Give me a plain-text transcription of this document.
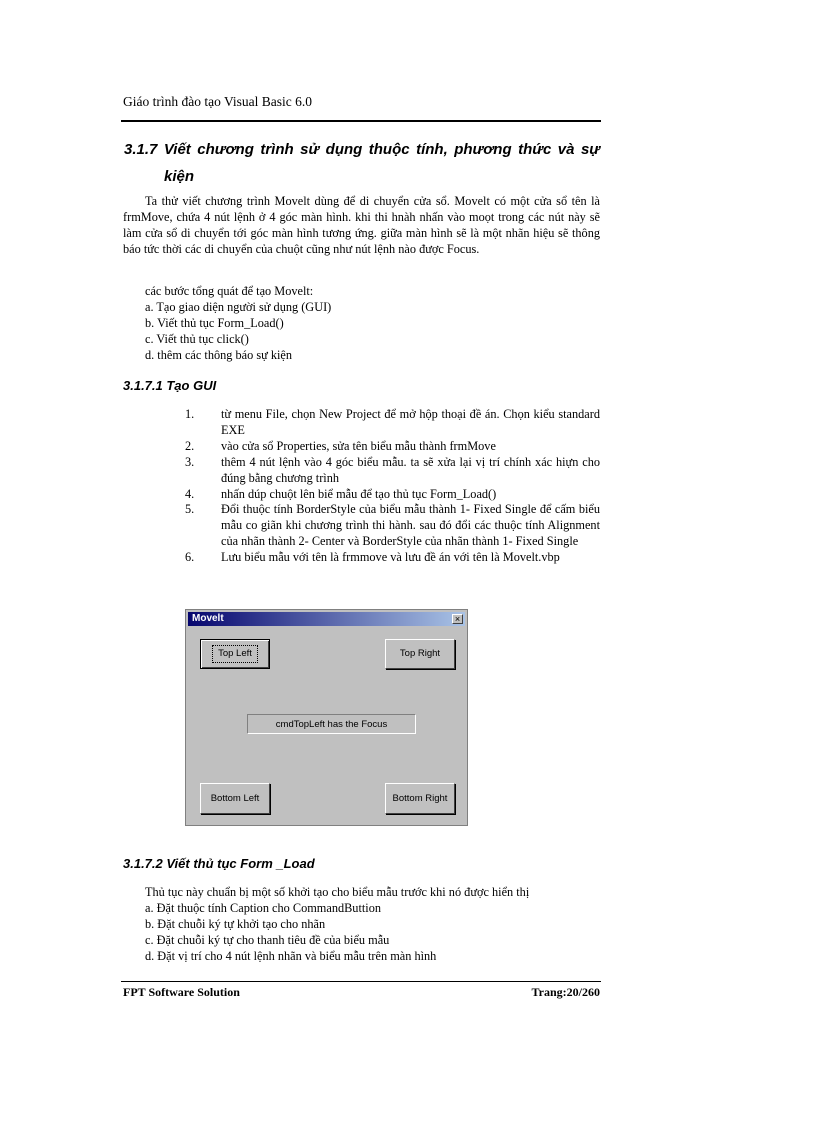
Giáo trình đào tạo Visual Basic 6.0
3.1.7 Viết chương trình sử dụng thuộc tính, phương thức và sự
kiện
Ta thử viết chương trình Movelt dùng để di chuyển cửa sổ. Movelt có một cửa sổ tên là frmMove, chứa 4 nút lệnh ở 4 góc màn hình. khi thi hnàh nhấn vào moọt trong các nút này sẽ làm cửa sổ di chuyển tới góc màn hình tương ứng. giữa màn hình sẽ là một nhãn hiệu sẽ thông báo tức thời các di chuyển của chuột cũng như nút lệnh nào được Focus.
các bước tổng quát để tạo Movelt:
a. Tạo giao diện người sử dụng (GUI)
b. Viết thủ tục Form_Load()
c. Viết thủ tục click()
d. thêm các thông báo sự kiện
3.1.7.1 Tạo GUI
1.	từ menu File, chọn New Project để mở hộp thoại đề án. Chọn kiểu standard EXE
2.	vào cửa sổ Properties, sửa tên biểu mẫu thành frmMove
3.	thêm 4 nút lệnh vào 4 góc biểu mẫu. ta sẽ xửa lại vị trí chính xác hiựn cho đúng bằng chương trình
4.	nhấn dúp chuột lên biể mẫu để tạo thủ tục Form_Load()
5.	Đổi thuộc tính BorderStyle của biểu mẫu thành 1- Fixed Single để cấm biểu mẫu co giãn khi chương trình thi hành. sau đó đổi các thuộc tính Alignment của nhãn thành 2- Center và BorderStyle của nhãn thành 1- Fixed Single
6.	Lưu biểu mẫu với tên là frmmove và lưu đề án với tên là Movelt.vbp
Movelt	×
Top Left	Top Right
cmdTopLeft has the Focus
Bottom Left	Bottom Right
3.1.7.2 Viết thủ tục Form _Load
Thủ tục này chuẩn bị một số khởi tạo cho biểu mẫu trước khi nó được hiển thị
a. Đặt thuộc tính Caption cho CommandButtion
b. Đặt chuỗi ký tự khởi tạo cho nhãn
c. Đặt chuỗi ký tự cho thanh tiêu đề của biểu mẫu
d. Đặt vị trí cho 4 nút lệnh nhãn và biểu mẫu trên màn hình
FPT Software Solution	Trang:20/260
